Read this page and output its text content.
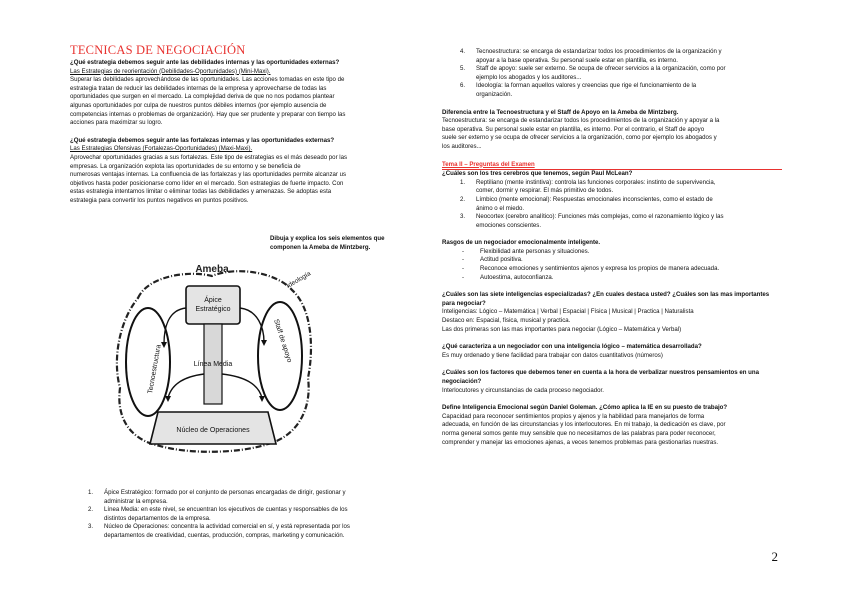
TECNICAS DE NEGOCIACIÓN

¿Qué estrategia debemos seguir ante las debilidades internas y las oportunidades externas?

Las Estrategias de reorientación (Debilidades-Oportunidades) (Mini-Maxi).

Superar las debilidades aprovechándose de las oportunidades. Las acciones tomadas en este tipo de

estrategia tratan de reducir las debilidades internas de la empresa y aprovecharse de todas las

oportunidades que surgen en el mercado. La complejidad deriva de que no nos podamos plantear

algunas oportunidades por culpa de nuestros puntos débiles internos (por ejemplo ausencia de

competencias internas o problemas de organización). Hay que ser prudente y preparar con tiempo las

acciones para maximizar su logro.

¿Qué estrategia debemos seguir ante las fortalezas internas y las oportunidades externas?

Las Estrategias Ofensivas (Fortalezas-Oportunidades) (Maxi-Maxi).

Aprovechar oportunidades gracias a sus fortalezas. Este tipo de estrategias es el más deseado por las

empresas. La organización explota las oportunidades de su entorno y se beneficia de

numerosas ventajas internas. La confluencia de las fortalezas y las oportunidades permite alcanzar us

objetivos hasta poder posicionarse como líder en el mercado. Son estrategias de fuerte impacto. Con

estas estrategia intentamos limitar o eliminar todas las debilidades y amenazas. Se adoptas esta

estrategia para convertir los puntos negativos en puntos positivos.

Dibuja y explica los seis elementos que

componen la Ameba de Mintzberg.

Ameba
Ápice
Estratégico
Línea Media
Núcleo de Operaciones
Tecnoestructura
Staff de apoyo
Ideología
1.	Ápice Estratégico: formado por el conjunto de personas encargadas de dirigir, gestionar y

administrar la empresa.

2.	Línea Media: en este nivel, se encuentran los ejecutivos de cuentas y responsables de los

distintos departamentos de la empresa.

3.	Núcleo de Operaciones: concentra la actividad comercial en sí, y está representada por los

departamentos de creatividad, cuentas, producción, compras, marketing y comunicación.

4.	Tecnoestructura: se encarga de estandarizar todos los procedimientos de la organización y

apoyar a la base operativa. Su personal suele estar en plantilla, es interno.

5.	Staff de apoyo: suele ser externo. Se ocupa de ofrecer servicios a la organización, como por

ejemplo los abogados y los auditores...

6.	Ideología: la forman aquellos valores y creencias que rige el funcionamiento de la

organización.

Diferencia entre la Tecnoestructura y el Staff de Apoyo en la Ameba de Mintzberg.

Tecnoestructura: se encarga de estandarizar todos los procedimientos de la organización y apoyar a la

base operativa. Su personal suele estar en plantilla, es interno. Por el contrario, el Staff de apoyo

suele ser externo y se ocupa de ofrecer servicios a la organización, como por ejemplo los abogados y

los auditores...

Tema II – Preguntas del Examen

¿Cuáles son los tres cerebros que tenemos, según Paul McLean?

1.	Reptiliano (mente instintiva): controla las funciones corporales: instinto de supervivencia,

comer, dormir y respirar. El más primitivo de todos.

2.	Límbico (mente emocional): Respuestas emocionales inconscientes, como el estado de

ánimo o el miedo.

3.	Neocortex (cerebro analítico): Funciones más complejas, como el razonamiento lógico y las

emociones conscientes.

Rasgos de un negociador emocionalmente inteligente.

-	Flexibilidad ante personas y situaciones.

-	Actitud positiva.

-	Reconoce emociones y sentimientos ajenos y expresa los propios de manera adecuada.

-	Autoestima, autoconfianza.

¿Cuáles son las siete inteligencias especializadas? ¿En cuales destaca usted? ¿Cuáles son las mas importantes para negociar?

Inteligencias: Lógico – Matemática | Verbal | Espacial | Física | Musical | Practica | Naturalista

Destaco en: Espacial, física, musical y practica.

Las dos primeras son las mas importantes para negociar (Lógico – Matemática y Verbal)

¿Qué caracteriza a un negociador con una inteligencia lógico – matemática desarrollada?

Es muy ordenado y tiene facilidad para trabajar con datos cuantitativos (números)

¿Cuáles son los factores que debemos tener en cuenta a la hora de verbalizar nuestros pensamientos en una negociación?

Interlocutores y circunstancias de cada proceso negociador.

Define Inteligencia Emocional según Daniel Goleman. ¿Cómo aplica la IE en su puesto de trabajo?

Capacidad para reconocer sentimientos propios y ajenos y la habilidad para manejarlos de forma

adecuada, en función de las circunstancias y los interlocutores. En mi trabajo, la dedicación es clave, por

norma general somos gente muy sensible que no necesitamos de las palabras para poder reconocer,

comprender y manejar las emociones ajenas, a veces tenemos problemas para gestionarlas nuestras.

2
